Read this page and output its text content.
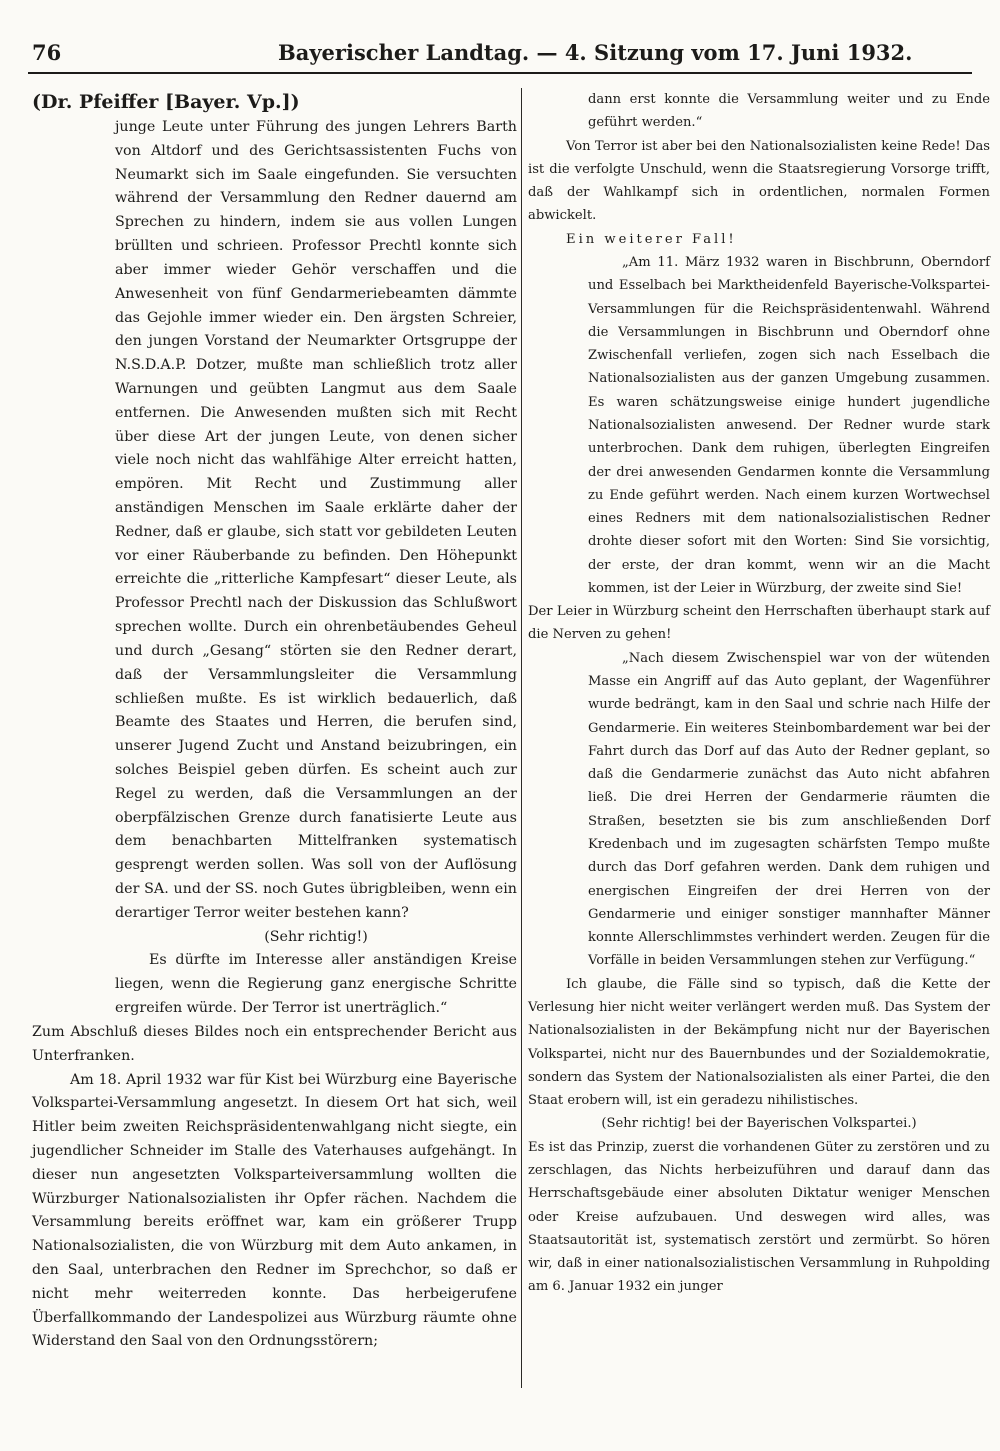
76	Bayerischer Landtag. — 4. Sitzung vom 17. Juni 1932.

(Dr. Pfeiffer [Bayer. Vp.])

junge Leute unter Führung des jungen Lehrers Barth von Altdorf und des Gerichtsassistenten Fuchs von Neumarkt sich im Saale eingefunden. Sie versuchten während der Versammlung den Redner dauernd am Sprechen zu hindern, indem sie aus vollen Lungen brüllten und schrieen. Professor Prechtl konnte sich aber immer wieder Gehör verschaffen und die Anwesenheit von fünf Gendarmeriebeamten dämmte das Gejohle immer wieder ein. Den ärgsten Schreier, den jungen Vorstand der Neumarkter Ortsgruppe der N.S.D.A.P. Dotzer, mußte man schließlich trotz aller Warnungen und geübten Langmut aus dem Saale entfernen. Die Anwesenden mußten sich mit Recht über diese Art der jungen Leute, von denen sicher viele noch nicht das wahlfähige Alter erreicht hatten, empören. Mit Recht und Zustimmung aller anständigen Menschen im Saale erklärte daher der Redner, daß er glaube, sich statt vor gebildeten Leuten vor einer Räuberbande zu befinden. Den Höhepunkt erreichte die „ritterliche Kampfesart“ dieser Leute, als Professor Prechtl nach der Diskussion das Schlußwort sprechen wollte. Durch ein ohrenbetäubendes Geheul und durch „Gesang“ störten sie den Redner derart, daß der Versammlungsleiter die Versammlung schließen mußte. Es ist wirklich bedauerlich, daß Beamte des Staates und Herren, die berufen sind, unserer Jugend Zucht und Anstand beizubringen, ein solches Beispiel geben dürfen. Es scheint auch zur Regel zu werden, daß die Versammlungen an der oberpfälzischen Grenze durch fanatisierte Leute aus dem benachbarten Mittelfranken systematisch gesprengt werden sollen. Was soll von der Auflösung der SA. und der SS. noch Gutes übrigbleiben, wenn ein derartiger Terror weiter bestehen kann?

(Sehr richtig!)

Es dürfte im Interesse aller anständigen Kreise liegen, wenn die Regierung ganz energische Schritte ergreifen würde. Der Terror ist unerträglich.“

Zum Abschluß dieses Bildes noch ein entsprechender Bericht aus Unterfranken.

Am 18. April 1932 war für Kist bei Würzburg eine Bayerische Volkspartei-Versammlung angesetzt. In diesem Ort hat sich, weil Hitler beim zweiten Reichspräsidentenwahlgang nicht siegte, ein jugendlicher Schneider im Stalle des Vaterhauses aufgehängt. In dieser nun angesetzten Volksparteiversammlung wollten die Würzburger Nationalsozialisten ihr Opfer rächen. Nachdem die Versammlung bereits eröffnet war, kam ein größerer Trupp Nationalsozialisten, die von Würzburg mit dem Auto ankamen, in den Saal, unterbrachen den Redner im Sprechchor, so daß er nicht mehr weiterreden konnte. Das herbeigerufene Überfallkommando der Landespolizei aus Würzburg räumte ohne Widerstand den Saal von den Ordnungsstörern;

dann erst konnte die Versammlung weiter und zu Ende geführt werden.“

Von Terror ist aber bei den Nationalsozialisten keine Rede! Das ist die verfolgte Unschuld, wenn die Staatsregierung Vorsorge trifft, daß der Wahlkampf sich in ordentlichen, normalen Formen abwickelt.

Ein weiterer Fall!

„Am 11. März 1932 waren in Bischbrunn, Oberndorf und Esselbach bei Marktheidenfeld Bayerische-Volkspartei-Versammlungen für die Reichspräsidentenwahl. Während die Versammlungen in Bischbrunn und Oberndorf ohne Zwischenfall verliefen, zogen sich nach Esselbach die Nationalsozialisten aus der ganzen Umgebung zusammen. Es waren schätzungsweise einige hundert jugendliche Nationalsozialisten anwesend. Der Redner wurde stark unterbrochen. Dank dem ruhigen, überlegten Eingreifen der drei anwesenden Gendarmen konnte die Versammlung zu Ende geführt werden. Nach einem kurzen Wortwechsel eines Redners mit dem nationalsozialistischen Redner drohte dieser sofort mit den Worten: Sind Sie vorsichtig, der erste, der dran kommt, wenn wir an die Macht kommen, ist der Leier in Würzburg, der zweite sind Sie!

Der Leier in Würzburg scheint den Herrschaften überhaupt stark auf die Nerven zu gehen!

„Nach diesem Zwischenspiel war von der wütenden Masse ein Angriff auf das Auto geplant, der Wagenführer wurde bedrängt, kam in den Saal und schrie nach Hilfe der Gendarmerie. Ein weiteres Steinbombardement war bei der Fahrt durch das Dorf auf das Auto der Redner geplant, so daß die Gendarmerie zunächst das Auto nicht abfahren ließ. Die drei Herren der Gendarmerie räumten die Straßen, besetzten sie bis zum anschließenden Dorf Kredenbach und im zugesagten schärfsten Tempo mußte durch das Dorf gefahren werden. Dank dem ruhigen und energischen Eingreifen der drei Herren von der Gendarmerie und einiger sonstiger mannhafter Männer konnte Allerschlimmstes verhindert werden. Zeugen für die Vorfälle in beiden Versammlungen stehen zur Verfügung.“

Ich glaube, die Fälle sind so typisch, daß die Kette der Verlesung hier nicht weiter verlängert werden muß. Das System der Nationalsozialisten in der Bekämpfung nicht nur der Bayerischen Volkspartei, nicht nur des Bauernbundes und der Sozialdemokratie, sondern das System der Nationalsozialisten als einer Partei, die den Staat erobern will, ist ein geradezu nihilistisches.

(Sehr richtig! bei der Bayerischen Volkspartei.)

Es ist das Prinzip, zuerst die vorhandenen Güter zu zerstören und zu zerschlagen, das Nichts herbeizuführen und darauf dann das Herrschaftsgebäude einer absoluten Diktatur weniger Menschen oder Kreise aufzubauen. Und deswegen wird alles, was Staatsautorität ist, systematisch zerstört und zermürbt. So hören wir, daß in einer nationalsozialistischen Versammlung in Ruhpolding am 6. Januar 1932 ein junger
